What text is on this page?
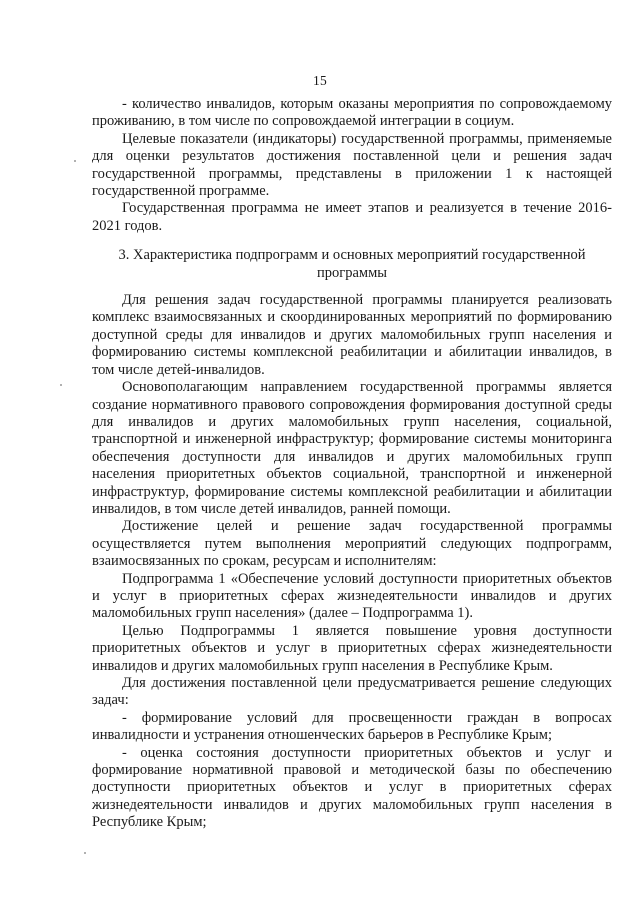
15

- количество инвалидов, которым оказаны мероприятия по сопровождаемому проживанию, в том числе по сопровождаемой интеграции в социум.

Целевые показатели (индикаторы) государственной программы, применяемые для оценки результатов достижения поставленной цели и решения задач государственной программы, представлены в приложении 1 к настоящей государственной программе.

Государственная программа не имеет этапов и реализуется в течение 2016-2021 годов.

3. Характеристика подпрограмм и основных мероприятий государственной
программы

Для решения задач государственной программы планируется реализовать комплекс взаимосвязанных и скоординированных мероприятий по формированию доступной среды для инвалидов и других маломобильных групп населения и формированию системы комплексной реабилитации и абилитации инвалидов, в том числе детей-инвалидов.

Основополагающим направлением государственной программы является создание нормативного правового сопровождения формирования доступной среды для инвалидов и других маломобильных групп населения, социальной, транспортной и инженерной инфраструктур; формирование системы мониторинга обеспечения доступности для инвалидов и других маломобильных групп населения приоритетных объектов социальной, транспортной и инженерной инфраструктур, формирование системы комплексной реабилитации и абилитации инвалидов, в том числе детей инвалидов, ранней помощи.

Достижение целей и решение задач государственной программы осуществляется путем выполнения мероприятий следующих подпрограмм, взаимосвязанных по срокам, ресурсам и исполнителям:

Подпрограмма 1 «Обеспечение условий доступности приоритетных объектов и услуг в приоритетных сферах жизнедеятельности инвалидов и других маломобильных групп населения» (далее – Подпрограмма 1).

Целью Подпрограммы 1 является повышение уровня доступности приоритетных объектов и услуг в приоритетных сферах жизнедеятельности инвалидов и других маломобильных групп населения в Республике Крым.

Для достижения поставленной цели предусматривается решение следующих задач:

- формирование условий для просвещенности граждан в вопросах инвалидности и устранения отношенческих барьеров в Республике Крым;

- оценка состояния доступности приоритетных объектов и услуг и формирование нормативной правовой и методической базы по обеспечению доступности приоритетных объектов и услуг в приоритетных сферах жизнедеятельности инвалидов и других маломобильных групп населения в Республике Крым;
